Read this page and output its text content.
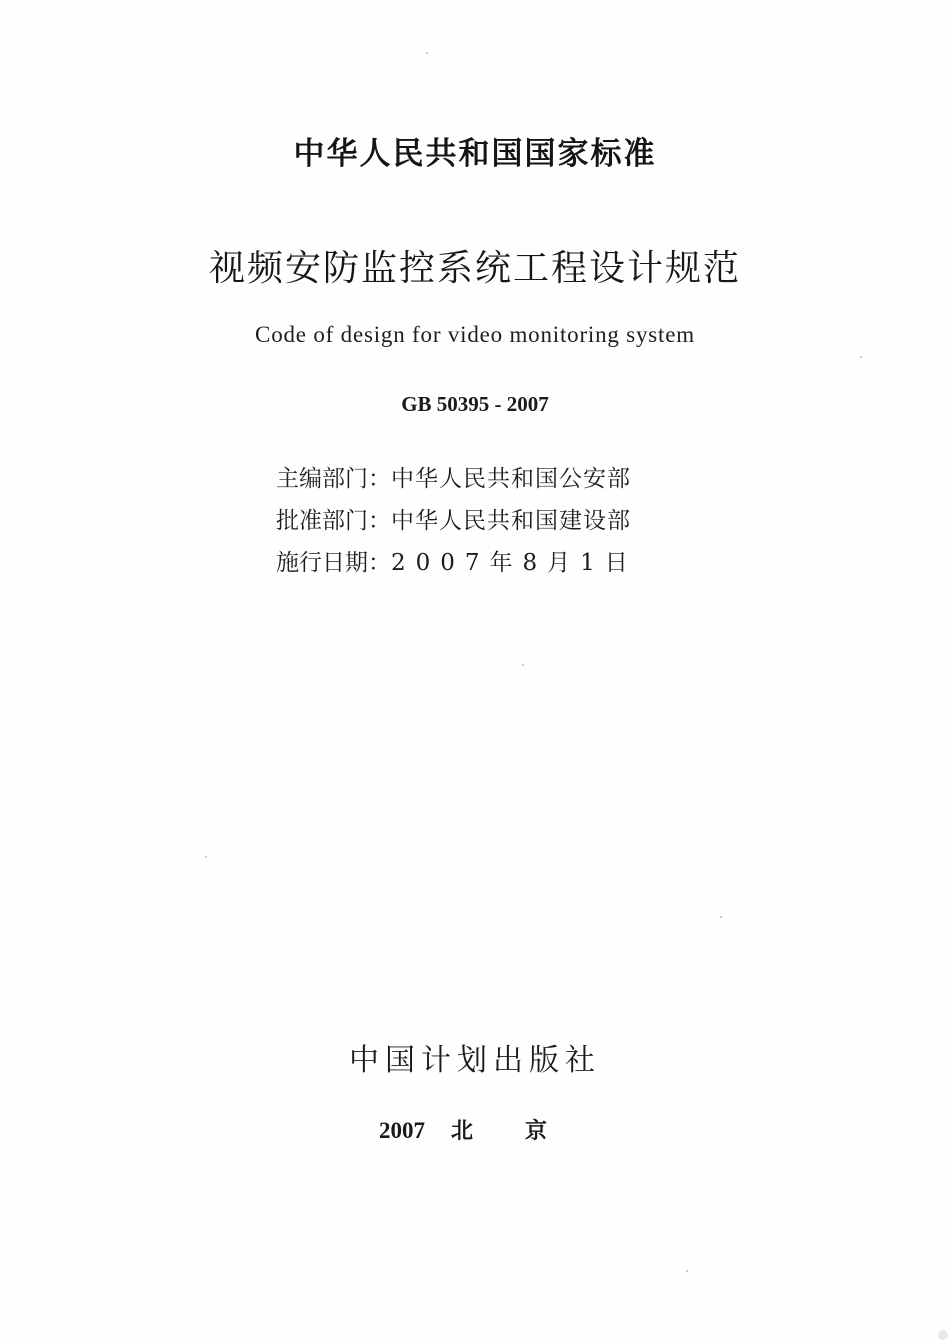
中华人民共和国国家标准
视频安防监控系统工程设计规范
Code of design for video monitoring system
GB 50395 - 2007
主编部门：中华人民共和国公安部
批准部门：中华人民共和国建设部
施行日期：2007年8月1日
中国计划出版社
2007 北京
